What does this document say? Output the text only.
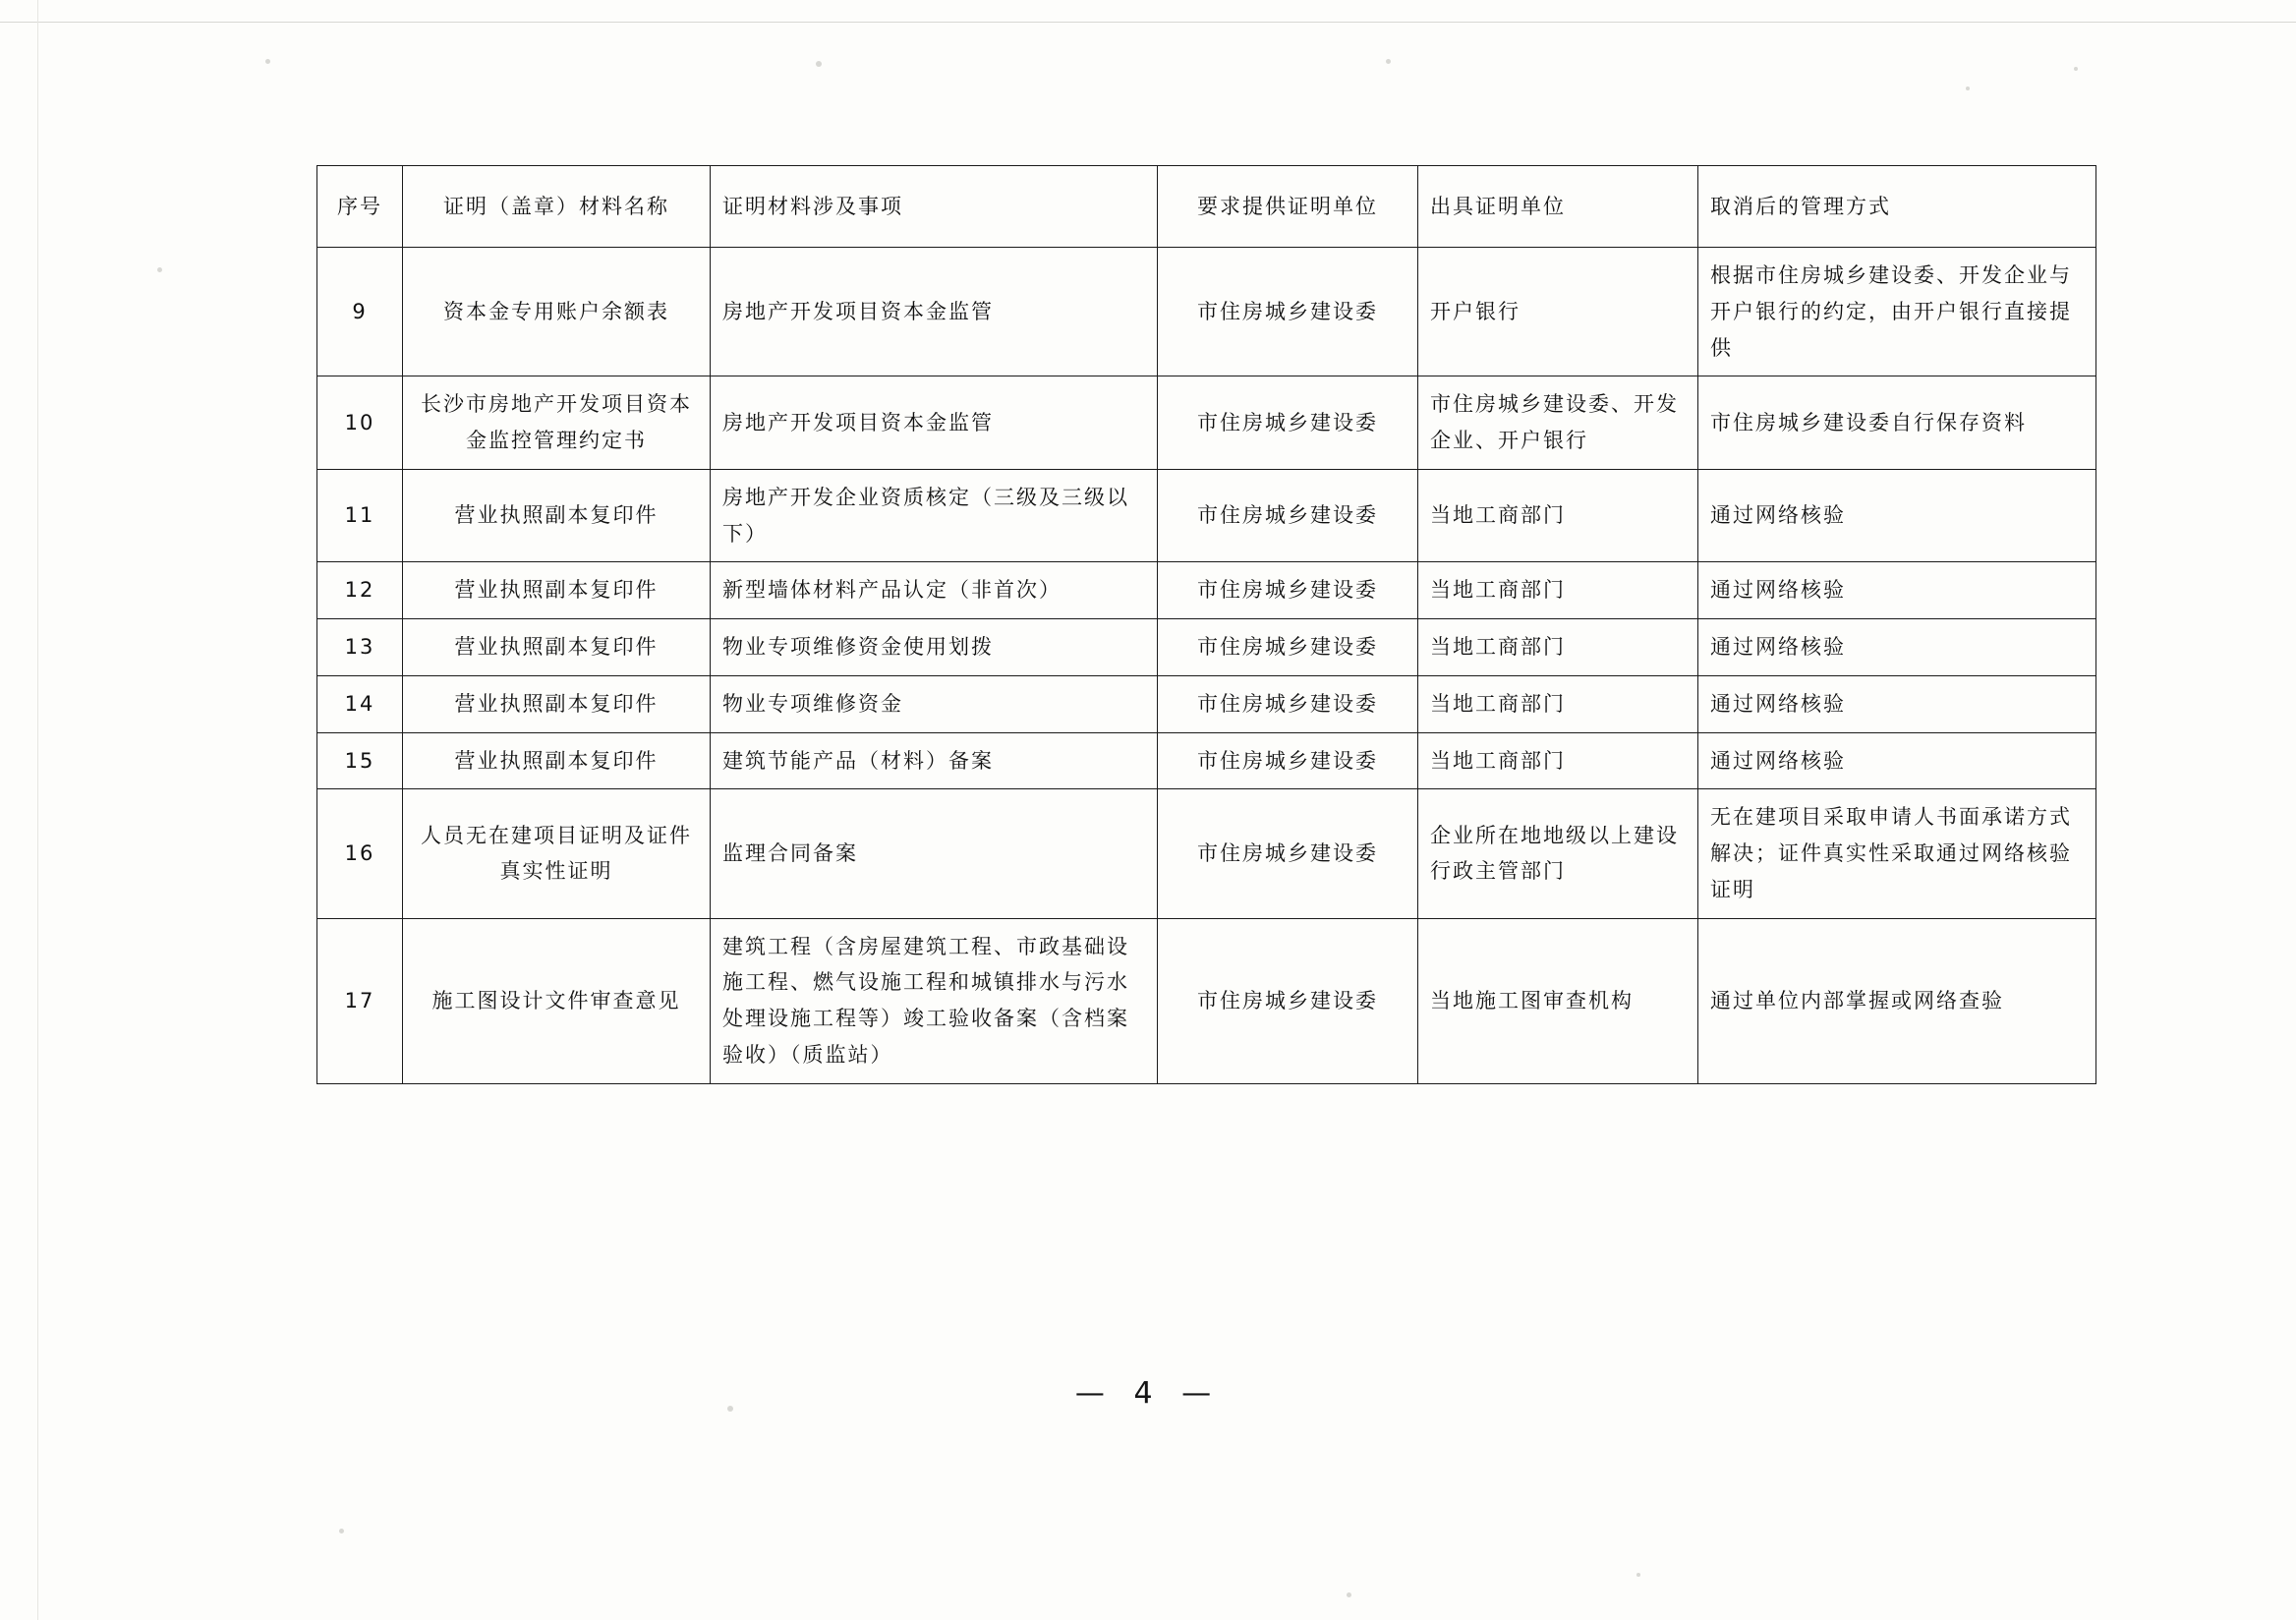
序号	证明（盖章）材料名称	证明材料涉及事项	要求提供证明单位	出具证明单位	取消后的管理方式
9	资本金专用账户余额表	房地产开发项目资本金监管	市住房城乡建设委	开户银行	根据市住房城乡建设委、开发企业与开户银行的约定，由开户银行直接提供
10	长沙市房地产开发项目资本金监控管理约定书	房地产开发项目资本金监管	市住房城乡建设委	市住房城乡建设委、开发企业、开户银行	市住房城乡建设委自行保存资料
11	营业执照副本复印件	房地产开发企业资质核定（三级及三级以下）	市住房城乡建设委	当地工商部门	通过网络核验
12	营业执照副本复印件	新型墙体材料产品认定（非首次）	市住房城乡建设委	当地工商部门	通过网络核验
13	营业执照副本复印件	物业专项维修资金使用划拨	市住房城乡建设委	当地工商部门	通过网络核验
14	营业执照副本复印件	物业专项维修资金	市住房城乡建设委	当地工商部门	通过网络核验
15	营业执照副本复印件	建筑节能产品（材料）备案	市住房城乡建设委	当地工商部门	通过网络核验
16	人员无在建项目证明及证件真实性证明	监理合同备案	市住房城乡建设委	企业所在地地级以上建设行政主管部门	无在建项目采取申请人书面承诺方式解决；证件真实性采取通过网络核验证明
17	施工图设计文件审查意见	建筑工程（含房屋建筑工程、市政基础设施工程、燃气设施工程和城镇排水与污水处理设施工程等）竣工验收备案（含档案验收）（质监站）	市住房城乡建设委	当地施工图审查机构	通过单位内部掌握或网络查验
— 4 —
